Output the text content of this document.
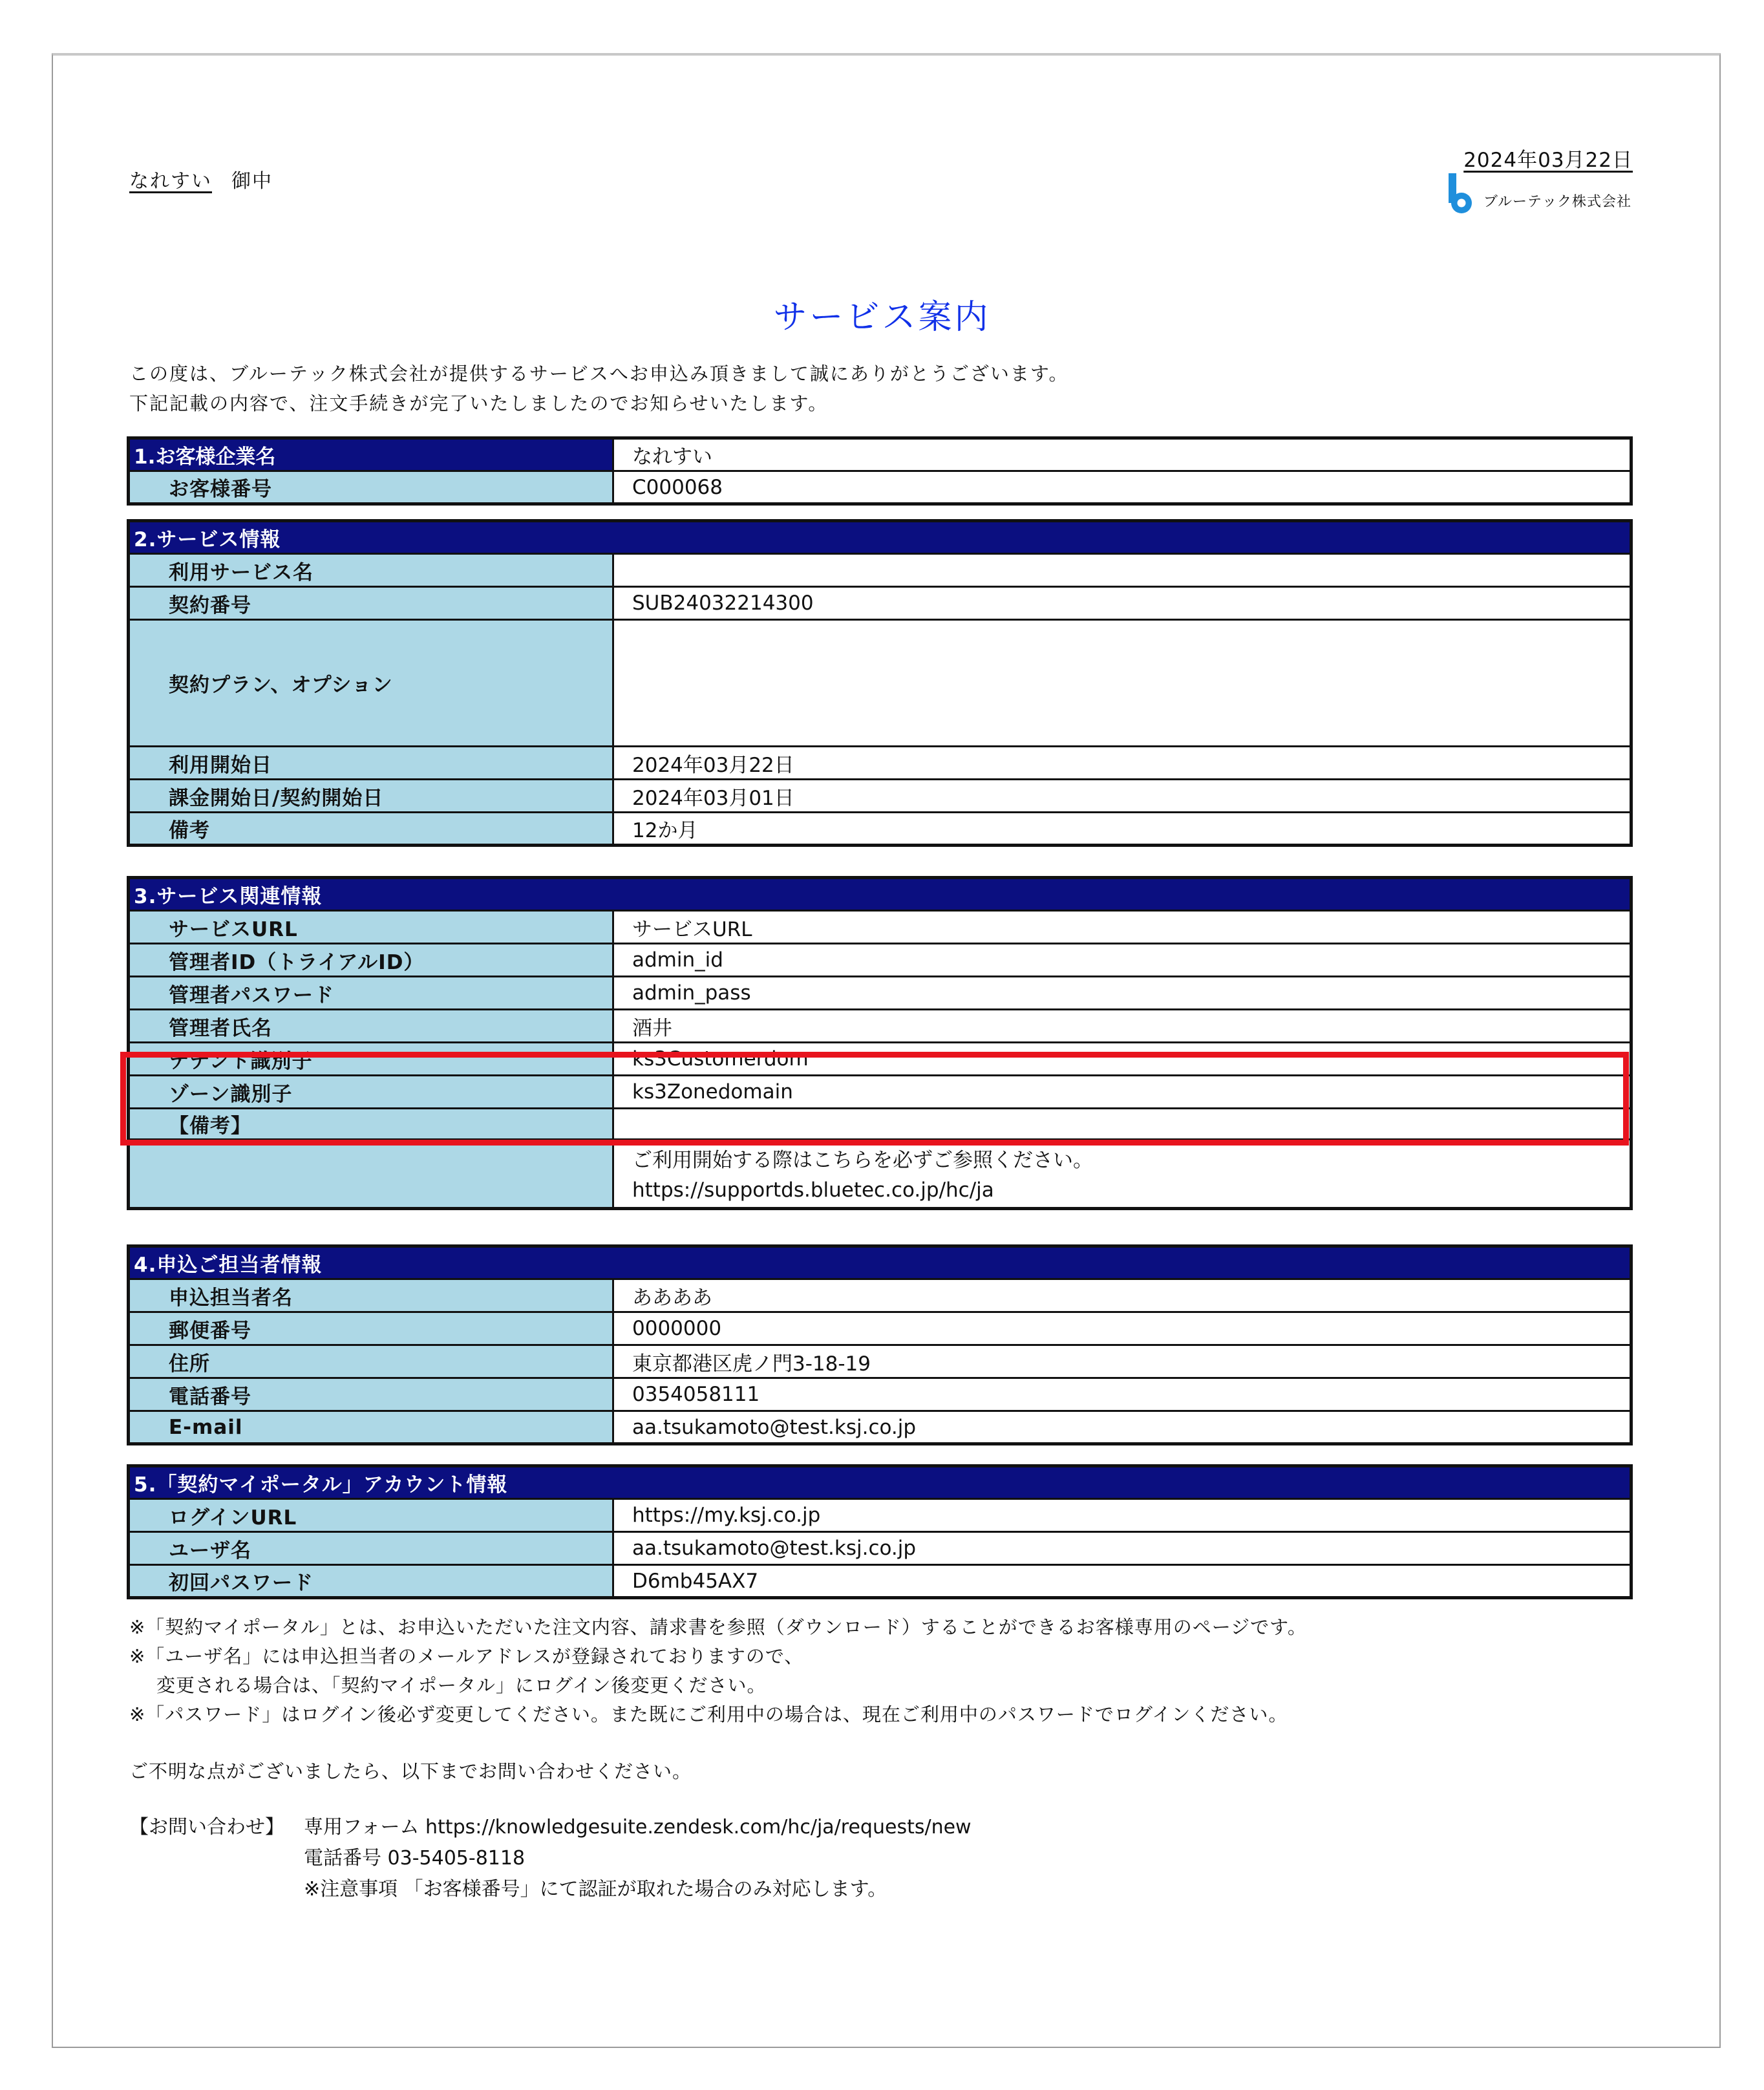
なれすい 御中
2024年03月22日
ブルーテック株式会社
サービス案内
この度は、ブルーテック株式会社が提供するサービスへお申込み頂きまして誠にありがとうございます。
下記記載の内容で、注文手続きが完了いたしましたのでお知らせいたします。
1.お客様企業名	なれすい
お客様番号	C000068
2.サービス情報	
利用サービス名	
契約番号	SUB24032214300
契約プラン、オプション	
利用開始日	2024年03月22日
課金開始日/契約開始日	2024年03月01日
備考	12か月
3.サービス関連情報	
サービスURL	サービスURL
管理者ID（トライアルID）	admin_id
管理者パスワード	admin_pass
管理者氏名	酒井
テナント識別子	ks3Customerdom
ゾーン識別子	ks3Zonedomain
【備考】	

	ご利用開始する際はこちらを必ずご参照ください。
https://supportds.bluetec.co.jp/hc/ja
4.申込ご担当者情報	
申込担当者名	ああああ
郵便番号	0000000
住所	東京都港区虎ノ門3-18-19
電話番号	0354058111
E-mail	aa.tsukamoto@test.ksj.co.jp
5.「契約マイポータル」アカウント情報	
ログインURL	https://my.ksj.co.jp
ユーザ名	aa.tsukamoto@test.ksj.co.jp
初回パスワード	D6mb45AX7
※「契約マイポータル」とは、お申込いただいた注文内容、請求書を参照（ダウンロード）することができるお客様専用のページです。
※「ユーザ名」には申込担当者のメールアドレスが登録されておりますので、
変更される場合は、「契約マイポータル」にログイン後変更ください。
※「パスワード」はログイン後必ず変更してください。また既にご利用中の場合は、現在ご利用中のパスワードでログインください。
ご不明な点がございましたら、以下までお問い合わせください。
【お問い合わせ】	専用フォーム https://knowledgesuite.zendesk.com/hc/ja/requests/new
電話番号 03-5405-8118
※注意事項 「お客様番号」にて認証が取れた場合のみ対応します。
